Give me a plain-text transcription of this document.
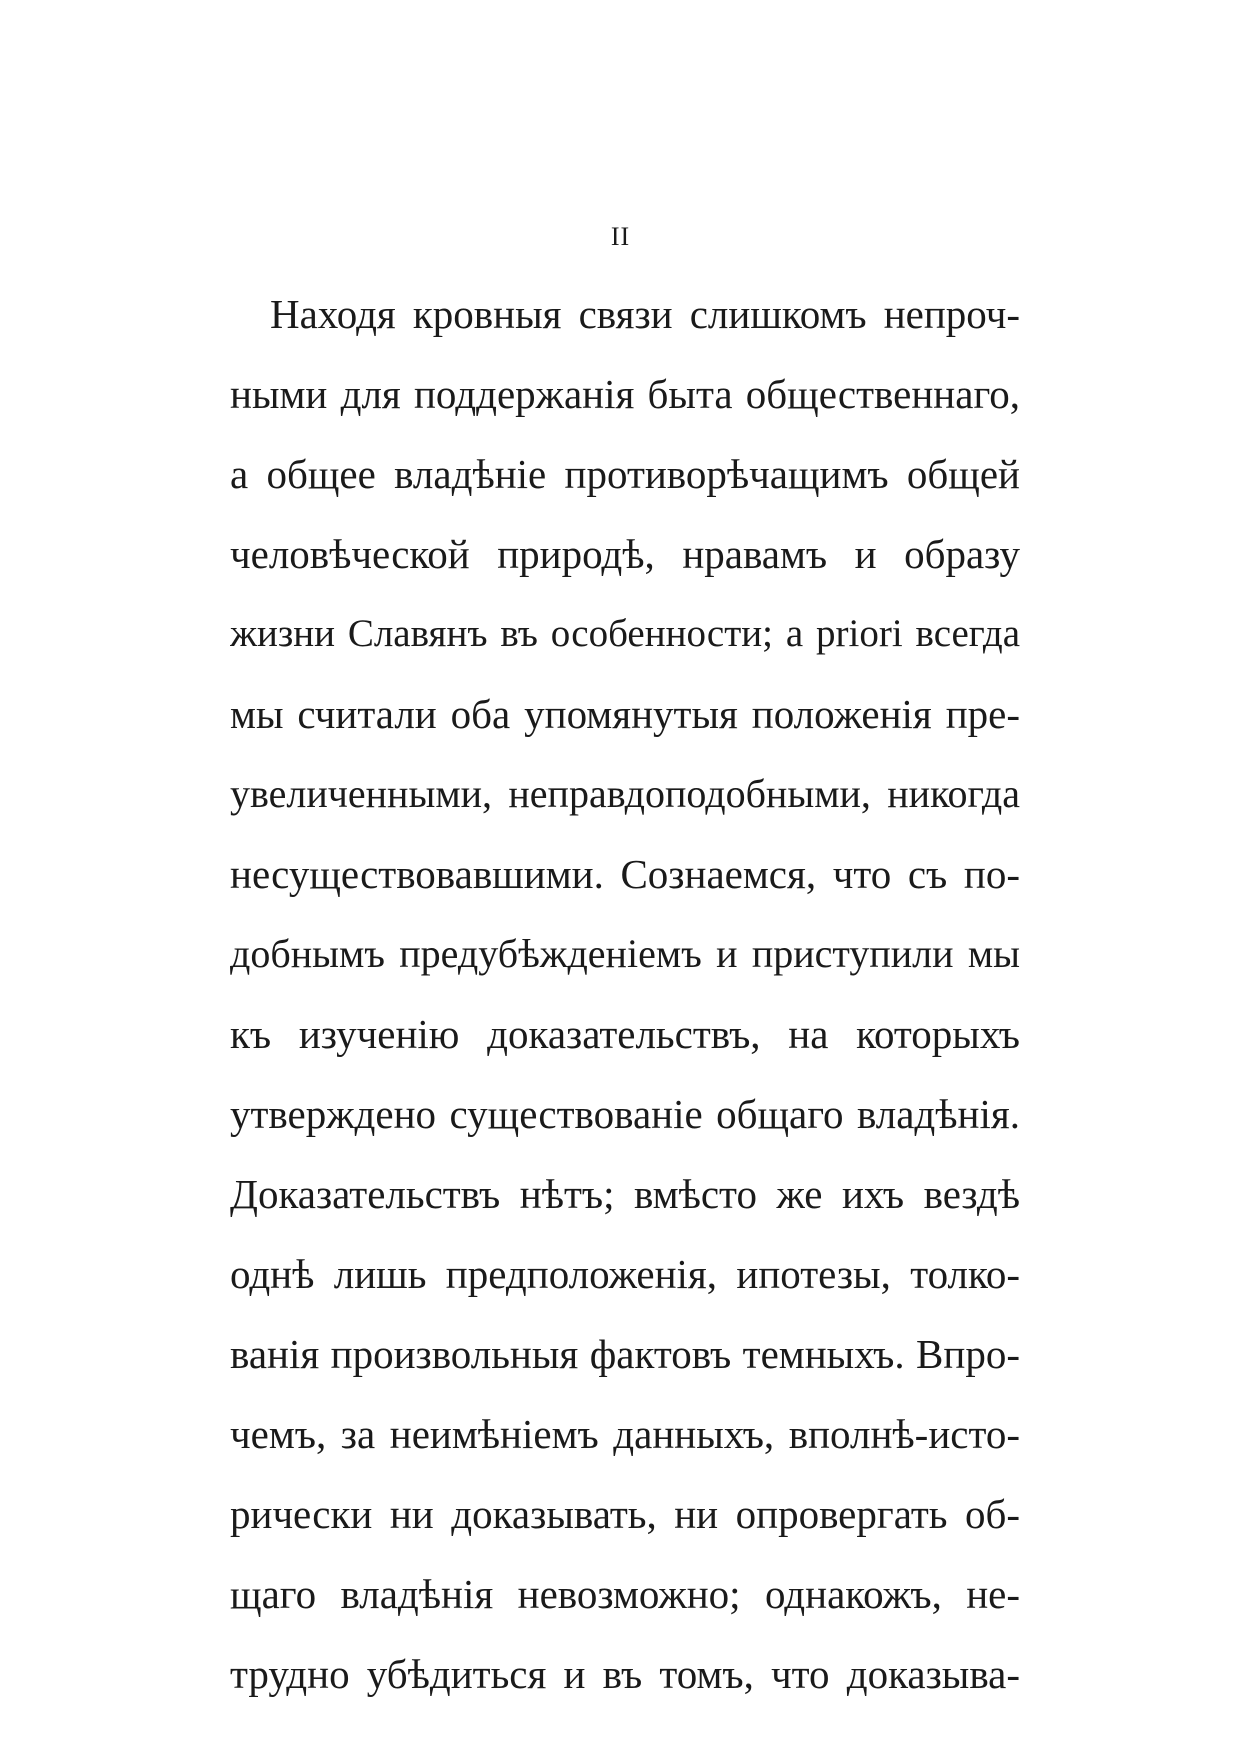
II
Находя кровныя связи слишкомъ непроч-
ными для поддержанія быта общественнаго,
а общее владѣніе противорѣчащимъ общей
человѣческой природѣ, нравамъ и образу
жизни Славянъ въ особенности; а priori всегда
мы считали оба упомянутыя положенія пре-
увеличенными, неправдоподобными, никогда
несуществовавшими. Сознаемся, что съ по-
добнымъ предубѣжденіемъ и приступили мы
къ изученію доказательствъ, на которыхъ
утверждено существованіе общаго владѣнія.
Доказательствъ нѣтъ; вмѣсто же ихъ вездѣ
однѣ лишь предположенія, ипотезы, толко-
ванія произвольныя фактовъ темныхъ. Впро-
чемъ, за неимѣніемъ данныхъ, вполнѣ-исто-
рически ни доказывать, ни опровергать об-
щаго владѣнія невозможно; однакожъ, не-
трудно убѣдиться и въ томъ, что доказыва-
